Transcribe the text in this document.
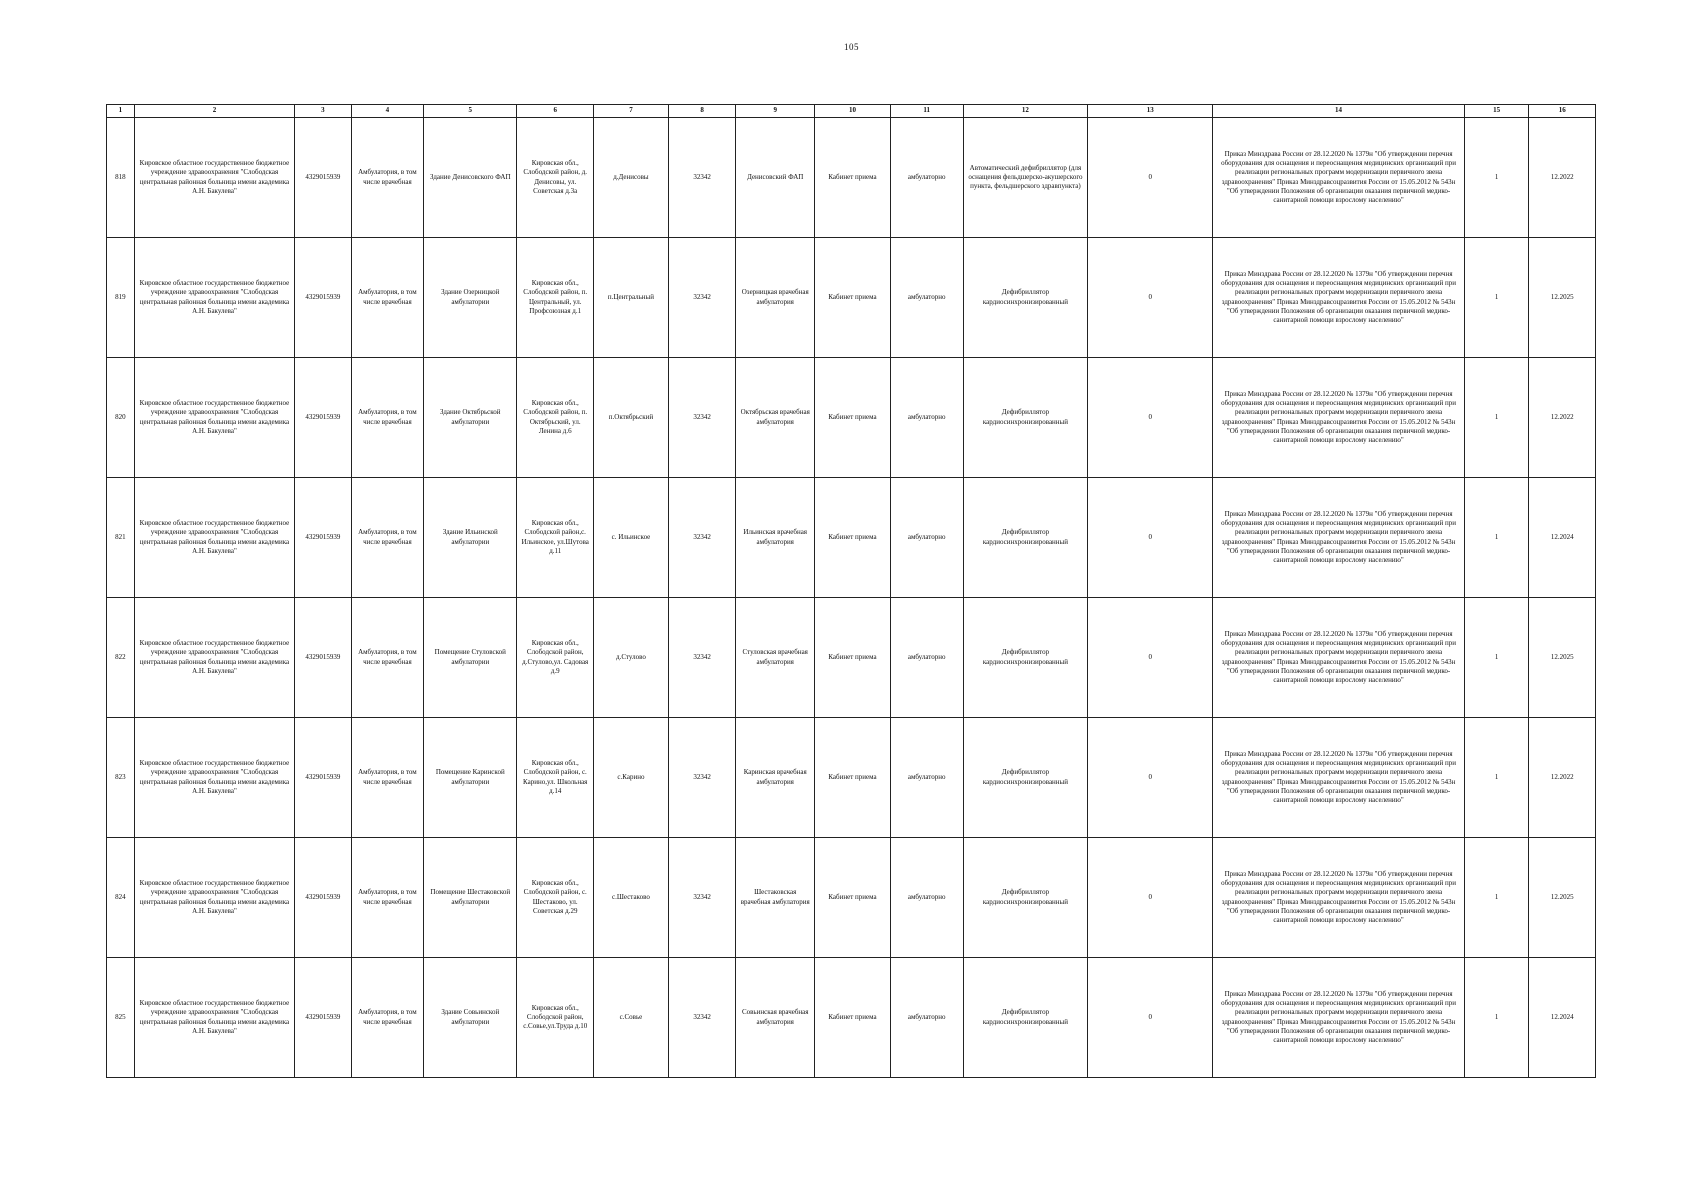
105
1	2	3	4	5	6	7	8	9	10	11	12	13	14	15	16
818	Кировское областное государственное бюджетное учреждение здравоохранения "Слободская центральная районная больница имени академика А.Н. Бакулева"	4329015939	Амбулатория, в том числе врачебная	Здание Денисовского ФАП	Кировская обл., Слободской район, д. Денисовы, ул. Советская д.3а	д.Денисовы	32342	Денисовский ФАП	Кабинет приема	амбулаторно	Автоматический дефибриллятор (для оснащения фельдшерско-акушерского пункта, фельдшерского здравпункта)	0	Приказ Минздрава России от 28.12.2020 № 1379н "Об утверждении перечня оборудования для оснащения и переоснащения медицинских организаций при реализации региональных программ модернизации первичного звена здравоохранения" Приказ Минздравсоцразвития России от 15.05.2012 № 543н "Об утверждении Положения об организации оказания первичной медико-санитарной помощи взрослому населению"	1	12.2022
819	Кировское областное государственное бюджетное учреждение здравоохранения "Слободская центральная районная больница имени академика А.Н. Бакулева"	4329015939	Амбулатория, в том числе врачебная	Здание Озерницкой амбулатории	Кировская обл., Слободской район, п. Центральный, ул. Профсоюзная д.1	п.Центральный	32342	Озерницкая врачебная амбулатория	Кабинет приема	амбулаторно	Дефибриллятор кардиосинхронизированный	0	Приказ Минздрава России от 28.12.2020 № 1379н "Об утверждении перечня оборудования для оснащения и переоснащения медицинских организаций при реализации региональных программ модернизации первичного звена здравоохранения" Приказ Минздравсоцразвития России от 15.05.2012 № 543н "Об утверждении Положения об организации оказания первичной медико-санитарной помощи взрослому населению"	1	12.2025
820	Кировское областное государственное бюджетное учреждение здравоохранения "Слободская центральная районная больница имени академика А.Н. Бакулева"	4329015939	Амбулатория, в том числе врачебная	Здание Октябрьской амбулатории	Кировская обл., Слободской район, п. Октябрьский, ул. Ленина д.6	п.Октябрьский	32342	Октябрьская врачебная амбулатория	Кабинет приема	амбулаторно	Дефибриллятор кардиосинхронизированный	0	Приказ Минздрава России от 28.12.2020 № 1379н "Об утверждении перечня оборудования для оснащения и переоснащения медицинских организаций при реализации региональных программ модернизации первичного звена здравоохранения" Приказ Минздравсоцразвития России от 15.05.2012 № 543н "Об утверждении Положения об организации оказания первичной медико-санитарной помощи взрослому населению"	1	12.2022
821	Кировское областное государственное бюджетное учреждение здравоохранения "Слободская центральная районная больница имени академика А.Н. Бакулева"	4329015939	Амбулатория, в том числе врачебная	Здание Ильинской амбулатории	Кировская обл., Слободской район,с. Ильинское, ул.Шутова д.11	с. Ильинское	32342	Ильинская врачебная амбулатория	Кабинет приема	амбулаторно	Дефибриллятор кардиосинхронизированный	0	Приказ Минздрава России от 28.12.2020 № 1379н "Об утверждении перечня оборудования для оснащения и переоснащения медицинских организаций при реализации региональных программ модернизации первичного звена здравоохранения" Приказ Минздравсоцразвития России от 15.05.2012 № 543н "Об утверждении Положения об организации оказания первичной медико-санитарной помощи взрослому населению"	1	12.2024
822	Кировское областное государственное бюджетное учреждение здравоохранения "Слободская центральная районная больница имени академика А.Н. Бакулева"	4329015939	Амбулатория, в том числе врачебная	Помещение Стуловской амбулатории	Кировская обл., Слободской район, д.Стулово,ул. Садовая д.9	д.Стулово	32342	Стуловская врачебная амбулатория	Кабинет приема	амбулаторно	Дефибриллятор кардиосинхронизированный	0	Приказ Минздрава России от 28.12.2020 № 1379н "Об утверждении перечня оборудования для оснащения и переоснащения медицинских организаций при реализации региональных программ модернизации первичного звена здравоохранения" Приказ Минздравсоцразвития России от 15.05.2012 № 543н "Об утверждении Положения об организации оказания первичной медико-санитарной помощи взрослому населению"	1	12.2025
823	Кировское областное государственное бюджетное учреждение здравоохранения "Слободская центральная районная больница имени академика А.Н. Бакулева"	4329015939	Амбулатория, в том числе врачебная	Помещение Каринской амбулатории	Кировская обл., Слободской район, с. Карино,ул. Школьная д.14	с.Карино	32342	Каринская врачебная амбулатория	Кабинет приема	амбулаторно	Дефибриллятор кардиосинхронизированный	0	Приказ Минздрава России от 28.12.2020 № 1379н "Об утверждении перечня оборудования для оснащения и переоснащения медицинских организаций при реализации региональных программ модернизации первичного звена здравоохранения" Приказ Минздравсоцразвития России от 15.05.2012 № 543н "Об утверждении Положения об организации оказания первичной медико-санитарной помощи взрослому населению"	1	12.2022
824	Кировское областное государственное бюджетное учреждение здравоохранения "Слободская центральная районная больница имени академика А.Н. Бакулева"	4329015939	Амбулатория, в том числе врачебная	Помещение Шестаковской амбулатории	Кировская обл., Слободской район, с. Шестаково, ул. Советская д.29	с.Шестаково	32342	Шестаковская врачебная амбулатория	Кабинет приема	амбулаторно	Дефибриллятор кардиосинхронизированный	0	Приказ Минздрава России от 28.12.2020 № 1379н "Об утверждении перечня оборудования для оснащения и переоснащения медицинских организаций при реализации региональных программ модернизации первичного звена здравоохранения" Приказ Минздравсоцразвития России от 15.05.2012 № 543н "Об утверждении Положения об организации оказания первичной медико-санитарной помощи взрослому населению"	1	12.2025
825	Кировское областное государственное бюджетное учреждение здравоохранения "Слободская центральная районная больница имени академика А.Н. Бакулева"	4329015939	Амбулатория, в том числе врачебная	Здание Совьинской амбулатории	Кировская обл., Слободской район, с.Совье,ул.Труда д.10	с.Совье	32342	Совьинская врачебная амбулатория	Кабинет приема	амбулаторно	Дефибриллятор кардиосинхронизированный	0	Приказ Минздрава России от 28.12.2020 № 1379н "Об утверждении перечня оборудования для оснащения и переоснащения медицинских организаций при реализации региональных программ модернизации первичного звена здравоохранения" Приказ Минздравсоцразвития России от 15.05.2012 № 543н "Об утверждении Положения об организации оказания первичной медико-санитарной помощи взрослому населению"	1	12.2024
